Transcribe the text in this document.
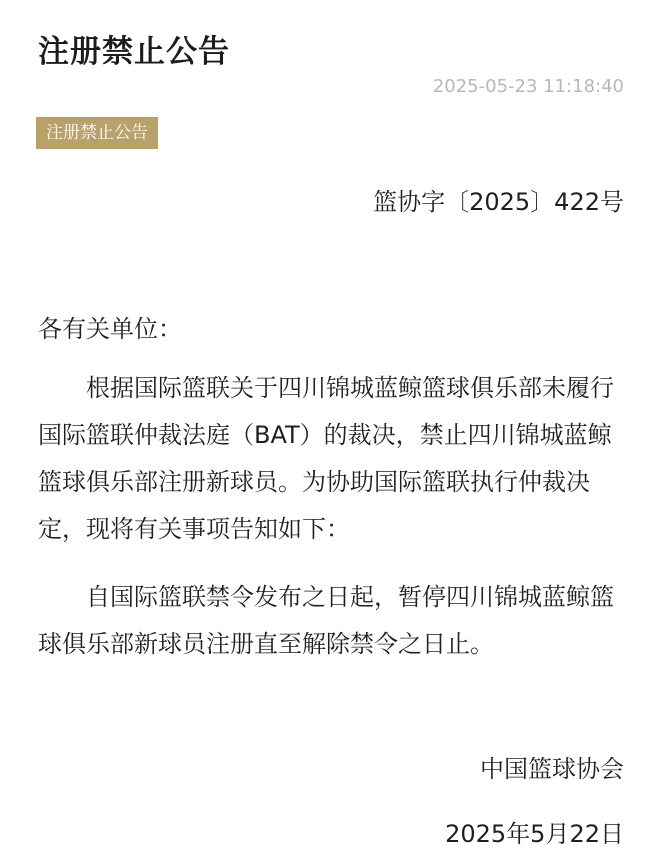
注册禁止公告
2025-05-23 11:18:40
注册禁止公告
篮协字〔2025〕422号
各有关单位：
根据国际篮联关于四川锦城蓝鲸篮球俱乐部未履行国际篮联仲裁法庭（BAT）的裁决，禁止四川锦城蓝鲸篮球俱乐部注册新球员。为协助国际篮联执行仲裁决定，现将有关事项告知如下：
自国际篮联禁令发布之日起，暂停四川锦城蓝鲸篮球俱乐部新球员注册直至解除禁令之日止。
中国篮球协会
2025年5月22日
